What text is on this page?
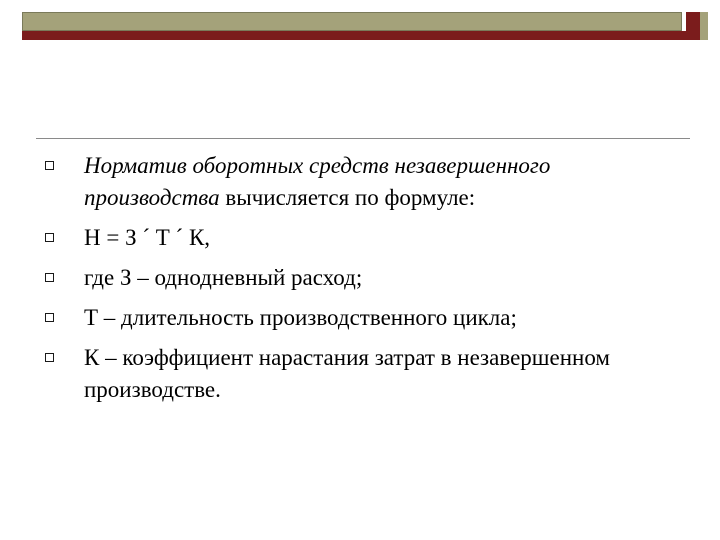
Норматив оборотных средств незавершенного производства вычисляется по формуле:
Н = З ´ Т ´ К,
где З – однодневный расход;
Т – длительность производственного цикла;
К – коэффициент нарастания затрат в незавершенном производстве.
